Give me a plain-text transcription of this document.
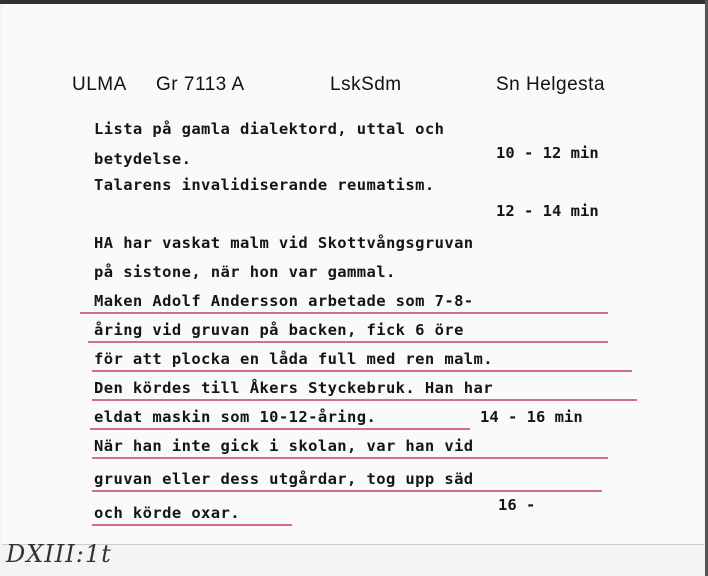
ULMA Gr 7113 A	LskSdm	Sn Helgesta
Lista på gamla dialektord, uttal och
betydelse.	10 - 12 min
Talarens invalidiserande reumatism.
12 - 14 min
HA har vaskat malm vid Skottvångsgruvan
på sistone, när hon var gammal.
Maken Adolf Andersson arbetade som 7-8-
åring vid gruvan på backen, fick 6 öre
för att plocka en låda full med ren malm.
Den kördes till Åkers Styckebruk. Han har
eldat maskin som 10-12-åring.	14 - 16 min
När han inte gick i skolan, var han vid
gruvan eller dess utgårdar, tog upp säd
och körde oxar.	16 -
DXIII:1t
